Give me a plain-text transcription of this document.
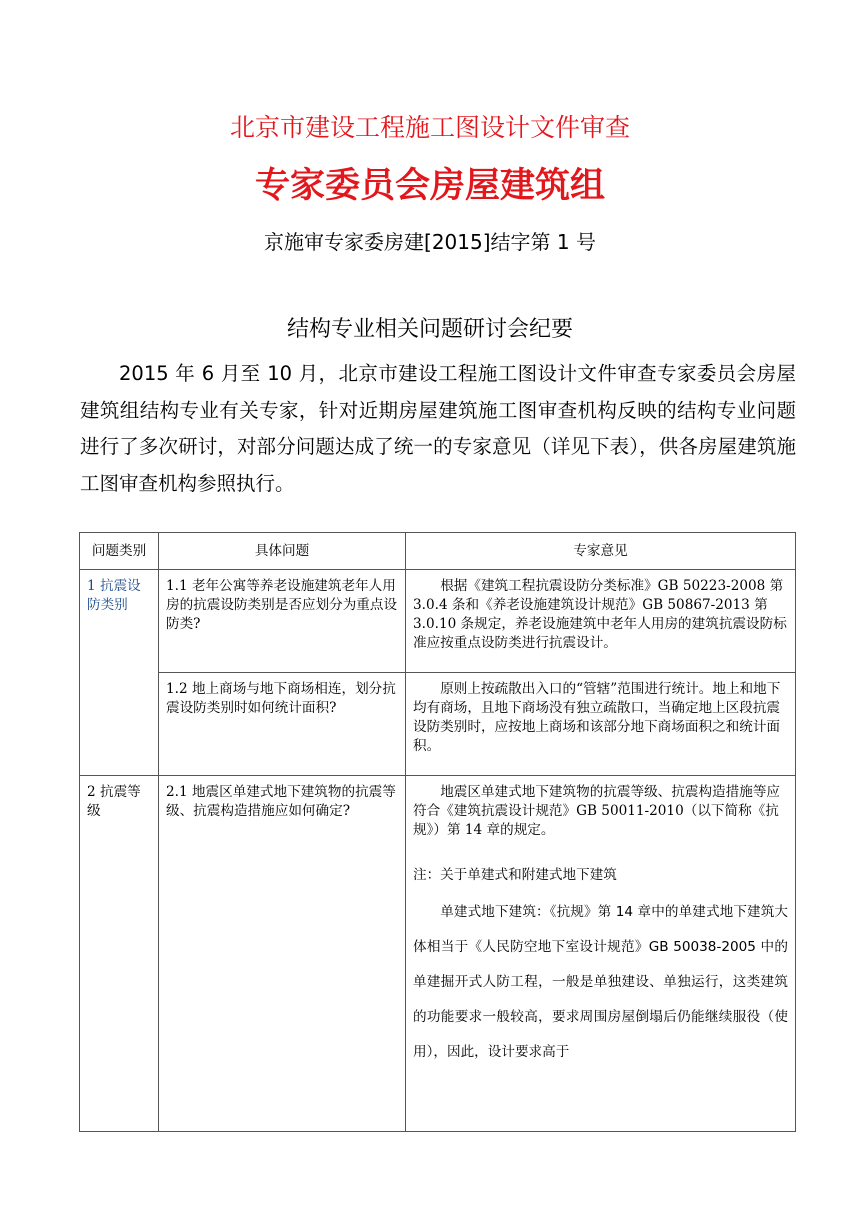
北京市建设工程施工图设计文件审查
专家委员会房屋建筑组
京施审专家委房建[2015]结字第 1 号
结构专业相关问题研讨会纪要

2015 年 6 月至 10 月，北京市建设工程施工图设计文件审查专家委员会房屋建筑组结构专业有关专家，针对近期房屋建筑施工图审查机构反映的结构专业问题进行了多次研讨，对部分问题达成了统一的专家意见（详见下表），供各房屋建筑施工图审查机构参照执行。

问题类别	具体问题	专家意见
1 抗震设防类别	1.1 老年公寓等养老设施建筑老年人用房的抗震设防类别是否应划分为重点设防类?	根据《建筑工程抗震设防分类标准》GB 50223-2008 第 3.0.4 条和《养老设施建筑设计规范》GB 50867-2013 第 3.0.10 条规定，养老设施建筑中老年人用房的建筑抗震设防标准应按重点设防类进行抗震设计。
	1.2 地上商场与地下商场相连，划分抗震设防类别时如何统计面积?	原则上按疏散出入口的“管辖”范围进行统计。地上和地下均有商场，且地下商场没有独立疏散口，当确定地上区段抗震设防类别时，应按地上商场和该部分地下商场面积之和统计面积。
2 抗震等级	2.1 地震区单建式地下建筑物的抗震等级、抗震构造措施应如何确定?	地震区单建式地下建筑物的抗震等级、抗震构造措施等应符合《建筑抗震设计规范》GB 50011-2010（以下简称《抗规》）第 14 章的规定。
注：关于单建式和附建式地下建筑
单建式地下建筑：《抗规》第 14 章中的单建式地下建筑大体相当于《人民防空地下室设计规范》GB 50038-2005 中的单建掘开式人防工程，一般是单独建设、单独运行，这类建筑的功能要求一般较高，要求周围房屋倒塌后仍能继续服役（使用），因此，设计要求高于
